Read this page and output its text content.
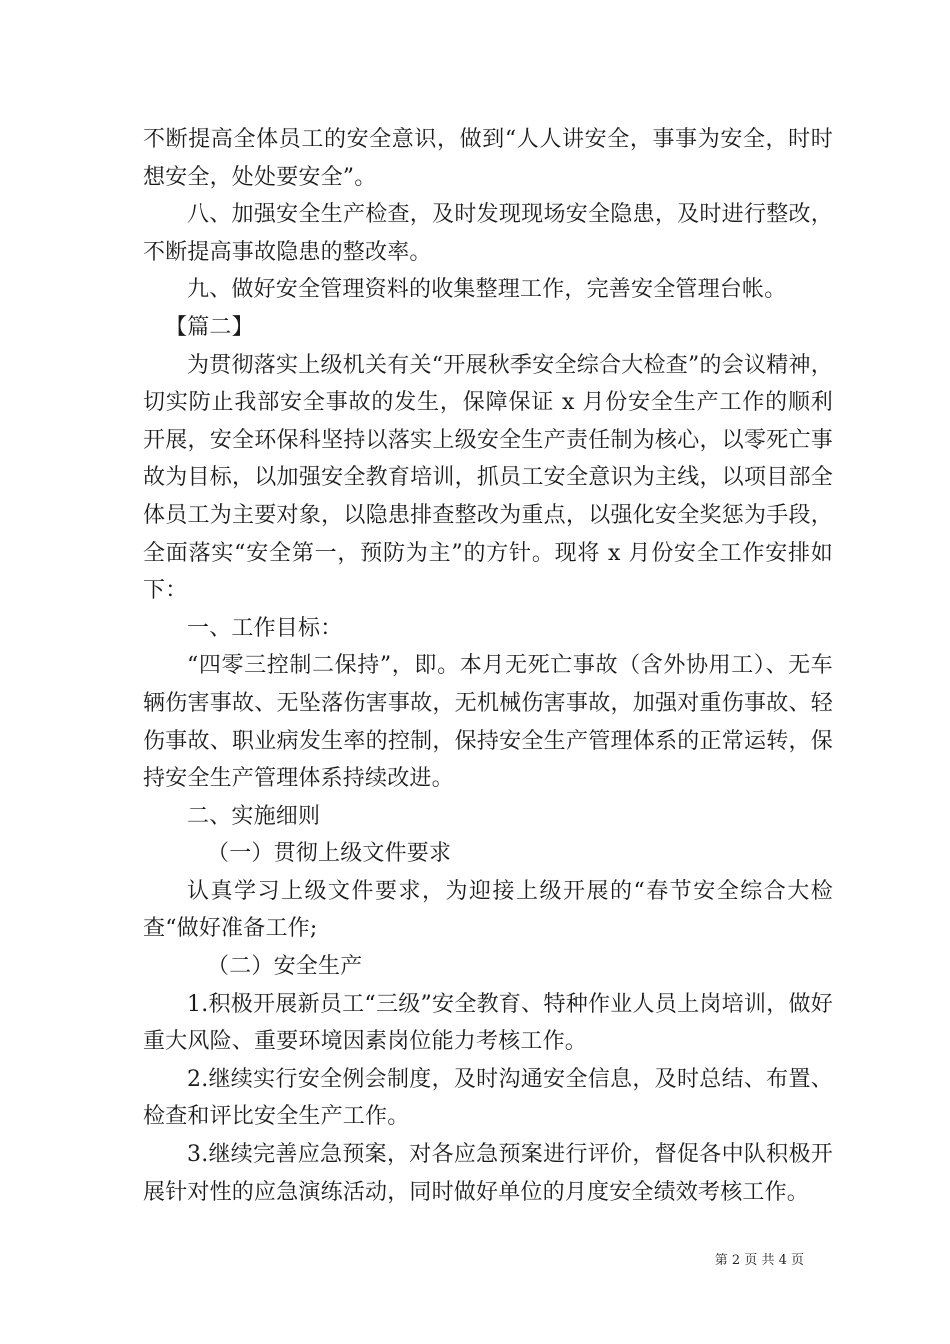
不断提高全体员工的安全意识，做到“人人讲安全，事事为安全，时时想安全，处处要安全”。

八、加强安全生产检查，及时发现现场安全隐患，及时进行整改，不断提高事故隐患的整改率。

九、做好安全管理资料的收集整理工作，完善安全管理台帐。

【篇二】

为贯彻落实上级机关有关“开展秋季安全综合大检查”的会议精神，切实防止我部安全事故的发生，保障保证 x 月份安全生产工作的顺利开展，安全环保科坚持以落实上级安全生产责任制为核心，以零死亡事故为目标，以加强安全教育培训，抓员工安全意识为主线，以项目部全体员工为主要对象，以隐患排查整改为重点，以强化安全奖惩为手段，全面落实“安全第一，预防为主”的方针。现将 x 月份安全工作安排如下：

一、工作目标：

“四零三控制二保持”，即。本月无死亡事故（含外协用工）、无车辆伤害事故、无坠落伤害事故，无机械伤害事故，加强对重伤事故、轻伤事故、职业病发生率的控制，保持安全生产管理体系的正常运转，保持安全生产管理体系持续改进。

二、实施细则

（一）贯彻上级文件要求

认真学习上级文件要求，为迎接上级开展的“春节安全综合大检查“做好准备工作;

（二）安全生产

1.积极开展新员工“三级”安全教育、特种作业人员上岗培训，做好重大风险、重要环境因素岗位能力考核工作。

2.继续实行安全例会制度，及时沟通安全信息，及时总结、布置、检查和评比安全生产工作。

3.继续完善应急预案，对各应急预案进行评价，督促各中队积极开展针对性的应急演练活动，同时做好单位的月度安全绩效考核工作。

第 2 页 共 4 页
